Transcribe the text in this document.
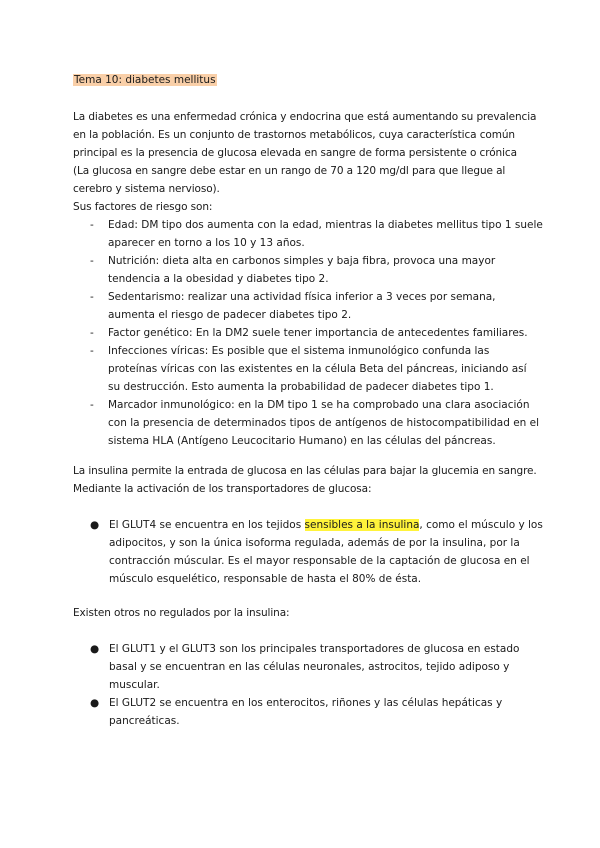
Tema 10: diabetes mellitus

La diabetes es una enfermedad crónica y endocrina que está aumentando su prevalencia
en la población. Es un conjunto de trastornos metabólicos, cuya característica común
principal es la presencia de glucosa elevada en sangre de forma persistente o crónica
(La glucosa en sangre debe estar en un rango de 70 a 120 mg/dl para que llegue al
cerebro y sistema nervioso).
Sus factores de riesgo son:
- Edad: DM tipo dos aumenta con la edad, mientras la diabetes mellitus tipo 1 suele
aparecer en torno a los 10 y 13 años.
- Nutrición: dieta alta en carbonos simples y baja fibra, provoca una mayor
tendencia a la obesidad y diabetes tipo 2.
- Sedentarismo: realizar una actividad física inferior a 3 veces por semana,
aumenta el riesgo de padecer diabetes tipo 2.
- Factor genético: En la DM2 suele tener importancia de antecedentes familiares.
- Infecciones víricas: Es posible que el sistema inmunológico confunda las
proteínas víricas con las existentes en la célula Beta del páncreas, iniciando así
su destrucción. Esto aumenta la probabilidad de padecer diabetes tipo 1.
- Marcador inmunológico: en la DM tipo 1 se ha comprobado una clara asociación
con la presencia de determinados tipos de antígenos de histocompatibilidad en el
sistema HLA (Antígeno Leucocitario Humano) en las células del páncreas.
La insulina permite la entrada de glucosa en las células para bajar la glucemia en sangre.
Mediante la activación de los transportadores de glucosa:
● El GLUT4 se encuentra en los tejidos sensibles a la insulina, como el músculo y los
adipocitos, y son la única isoforma regulada, además de por la insulina, por la
contracción múscular. Es el mayor responsable de la captación de glucosa en el
músculo esquelético, responsable de hasta el 80% de ésta.
Existen otros no regulados por la insulina:
● El GLUT1 y el GLUT3 son los principales transportadores de glucosa en estado
basal y se encuentran en las células neuronales, astrocitos, tejido adiposo y
muscular.
● El GLUT2 se encuentra en los enterocitos, riñones y las células hepáticas y
pancreáticas.
